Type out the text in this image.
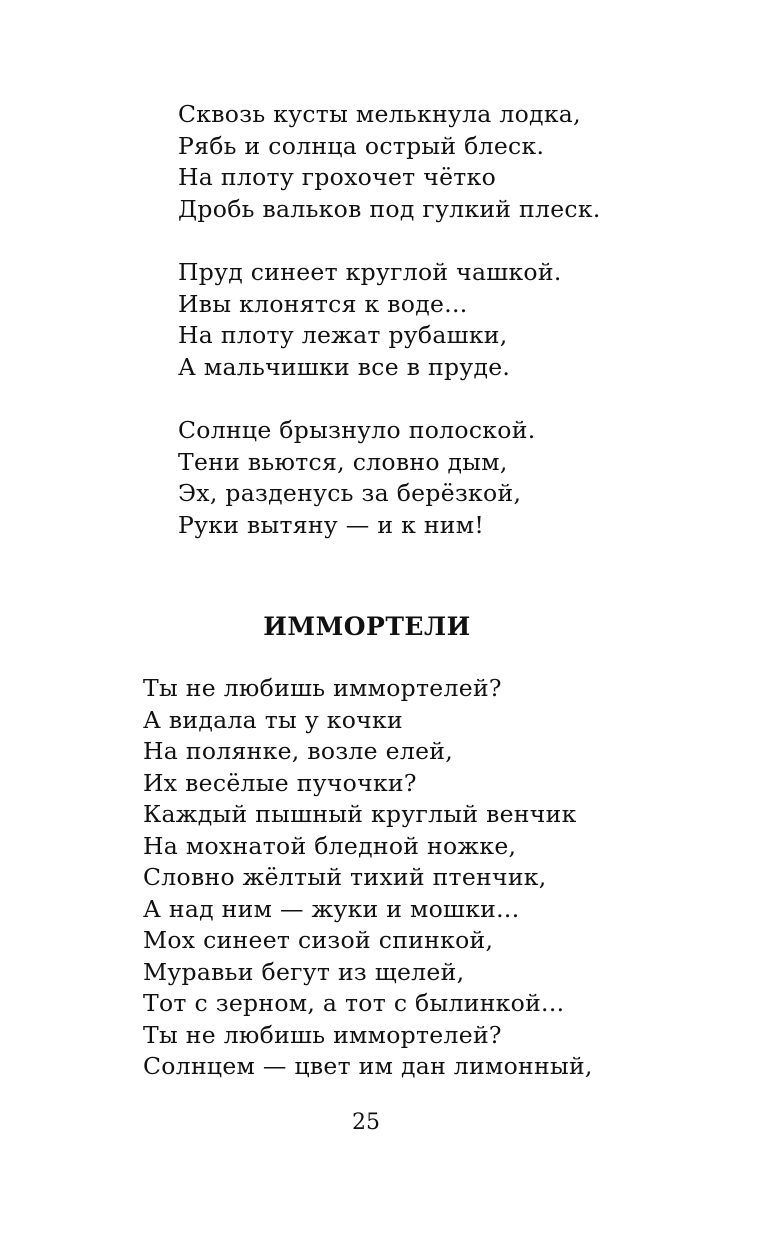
Сквозь кусты мелькнула лодка,
Рябь и солнца острый блеск.
На плоту грохочет чётко
Дробь вальков под гулкий плеск.
Пруд синеет круглой чашкой.
Ивы клонятся к воде...
На плоту лежат рубашки,
А мальчишки все в пруде.
Солнце брызнуло полоской.
Тени вьются, словно дым,
Эх, разденусь за берёзкой,
Руки вытяну — и к ним!
ИММОРТЕЛИ
Ты не любишь иммортелей?
А видала ты у кочки
На полянке, возле елей,
Их весёлые пучочки?
Каждый пышный круглый венчик
На мохнатой бледной ножке,
Словно жёлтый тихий птенчик,
А над ним — жуки и мошки...
Мох синеет сизой спинкой,
Муравьи бегут из щелей,
Тот с зерном, а тот с былинкой...
Ты не любишь иммортелей?
Солнцем — цвет им дан лимонный,
25
